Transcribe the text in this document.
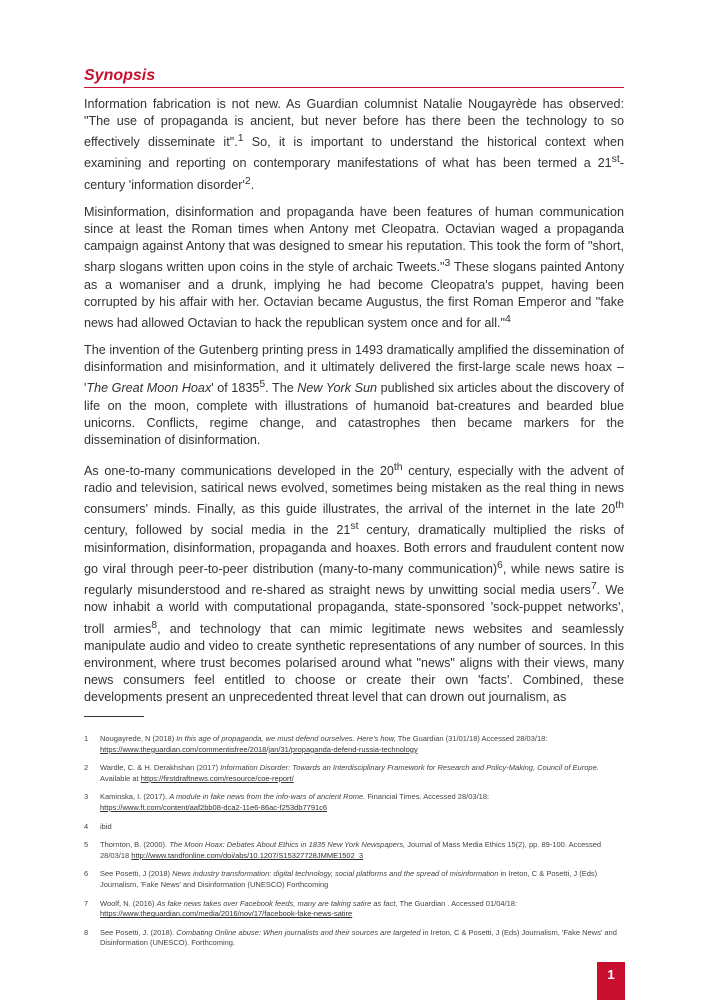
Synopsis

Information fabrication is not new. As Guardian columnist Natalie Nougayrède has observed: "The use of propaganda is ancient, but never before has there been the technology to so effectively disseminate it".$^1$ So, it is important to understand the historical context when examining and reporting on contemporary manifestations of what has been termed a 21st-century 'information $disorder'^2$.

Misinformation, disinformation and propaganda have been features of human communication since at least the Roman times when Antony met Cleopatra. Octavian waged a propaganda campaign against Antony that was designed to smear his reputation. This took the form of "short, sharp slogans written upon coins in the style of archaic Tweets."$^3$ These slogans painted Antony as a womaniser and a drunk, implying he had become Cleopatra's puppet, having been corrupted by his affair with her. Octavian became Augustus, the first Roman Emperor and "fake news had allowed Octavian to hack the republican system once and for all."$^4$

The invention of the Gutenberg printing press in 1493 dramatically amplified the dissemination of disinformation and misinformation, and it ultimately delivered the first-large scale news hoax – 'The Great Moon Hoax' of 1835$^5$. The New York Sun published six articles about the discovery of life on the moon, complete with illustrations of humanoid bat-creatures and bearded blue unicorns. Conflicts, regime change, and catastrophes then became markers for the dissemination of disinformation.

As one-to-many communications developed in the 20th century, especially with the advent of radio and television, satirical news evolved, sometimes being mistaken as the real thing in news consumers' minds. Finally, as this guide illustrates, the arrival of the internet in the late 20th century, followed by social media in the 21st century, dramatically multiplied the risks of misinformation, disinformation, propaganda and hoaxes. Both errors and fraudulent content now go viral through peer-to-peer distribution (many-to-many communication)$^6$, while news satire is regularly misunderstood and re-shared as straight news by unwitting social media users$^7$. We now inhabit a world with computational propaganda, state-sponsored 'sock-puppet networks', troll armies$^8$, and technology that can mimic legitimate news websites and seamlessly manipulate audio and video to create synthetic representations of any number of sources. In this environment, where trust becomes polarised around what "news" aligns with their views, many news consumers feel entitled to choose or create their own 'facts'. Combined, these developments present an unprecedented threat level that can drown out journalism, as

1	Nougayrede, N (2018) In this age of propaganda, we must defend ourselves. Here's how, The Guardian (31/01/18) Accessed 28/03/18:
https://www.theguardian.com/commentisfree/2018/jan/31/propaganda-defend-russia-technology
2	Wardle, C. & H. Derakhshan (2017) Information Disorder: Towards an Interdisciplinary Framework for Research and Policy-Making, Council of Europe. Available at https://firstdraftnews.com/resource/coe-report/
3	Kaminska, I. (2017). A module in fake news from the info-wars of ancient Rome. Financial Times. Accessed 28/03/18:
https://www.ft.com/content/aaf2bb08-dca2-11e6-86ac-f253db7791c6
4	ibid
5	Thornton, B. (2000). The Moon Hoax: Debates About Ethics in 1835 New York Newspapers, Journal of Mass Media Ethics 15(2), pp. 89-100. Accessed 28/03/18 http://www.tandfonline.com/doi/abs/10.1207/S15327728JMME1502_3
6	See Posetti, J (2018) News industry transformation: digital technology, social platforms and the spread of misinformation in Ireton, C & Posetti, J (Eds) Journalism, 'Fake News' and Disinformation (UNESCO) Forthcoming
7	Woolf, N. (2016) As fake news takes over Facebook feeds, many are taking satire as fact, The Guardian . Accessed 01/04/18:
https://www.theguardian.com/media/2016/nov/17/facebook-fake-news-satire
8	See Posetti, J. (2018). Combating Online abuse: When journalists and their sources are targeted in Ireton, C & Posetti, J (Eds) Journalism, 'Fake News' and Disinformation (UNESCO). Forthcoming.
1
